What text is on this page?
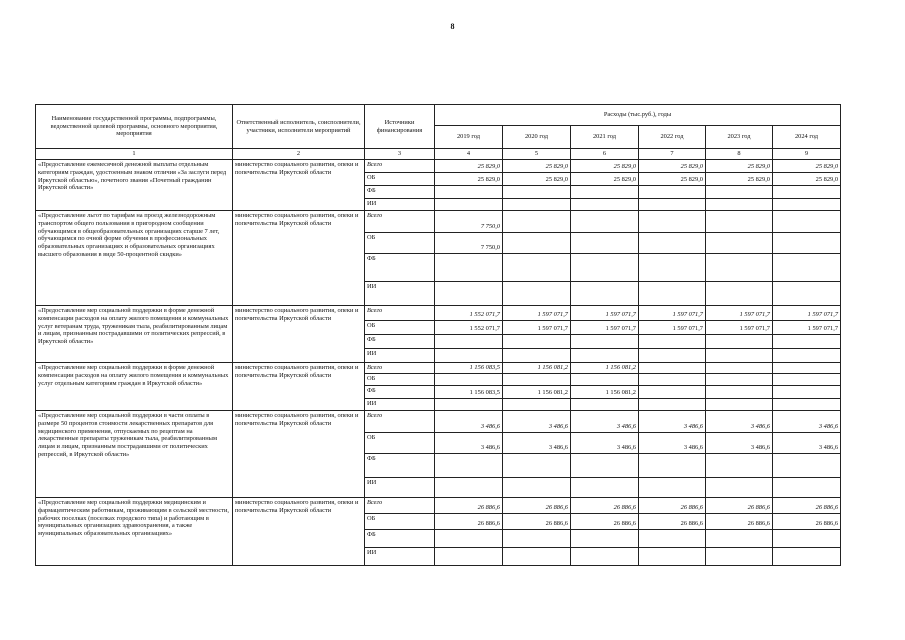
8
Наименование государственной программы, подпрограммы, ведомственной целевой программы, основного мероприятия, мероприятия	Ответственный исполнитель, соисполнители, участники, исполнители мероприятий	Источники финансирования	Расходы (тыс.руб.), годы					
			2019 год	2020 год	2021 год	2022 год	2023 год	2024 год
1	2	3	4	5	6	7	8	9
«Предоставление ежемесячной денежной выплаты отдельным категориям граждан, удостоенным знаком отличия «За заслуги перед Иркутской областью», почетного звания «Почетный гражданин Иркутской области»	министерство социального развития, опеки и попечительства Иркутской области	Всего	25 829,0	25 829,0	25 829,0	25 829,0	25 829,0	25 829,0
		ОБ	25 829,0	25 829,0	25 829,0	25 829,0	25 829,0	25 829,0
		ФБ						
		ИИ						
«Предоставление льгот по тарифам на проезд железнодорожным транспортом общего пользования в пригородном сообщении обучающимся в общеобразовательных организациях старше 7 лет, обучающимся по очной форме обучения в профессиональных образовательных организациях и образовательных организациях высшего образования в виде 50-процентной скидки»	министерство социального развития, опеки и попечительства Иркутской области	Всего	7 750,0					
		ОБ	7 750,0					
		ФБ						
		ИИ						
«Предоставление мер социальной поддержки в форме денежной компенсации расходов на оплату жилого помещения и коммунальных услуг ветеранам труда, труженикам тыла, реабилитированным лицам и лицам, признанным пострадавшими от политических репрессий, в Иркутской области»	министерство социального развития, опеки и попечительства Иркутской области	Всего	1 552 071,7	1 597 071,7	1 597 071,7	1 597 071,7	1 597 071,7	1 597 071,7
		ОБ	1 552 071,7	1 597 071,7	1 597 071,7	1 597 071,7	1 597 071,7	1 597 071,7
		ФБ						
		ИИ						
«Предоставление мер социальной поддержки в форме денежной компенсации расходов на оплату жилого помещения и коммунальных услуг отдельным категориям граждан в Иркутской области»	министерство социального развития, опеки и попечительства Иркутской области	Всего	1 156 083,5	1 156 081,2	1 156 081,2			
		ОБ						
		ФБ	1 156 083,5	1 156 081,2	1 156 081,2			
		ИИ						
«Предоставление мер социальной поддержки в части оплаты в размере 50 процентов стоимости лекарственных препаратов для медицинского применения, отпускаемых по рецептам на лекарственные препараты труженикам тыла, реабилитированным лицам и лицам, признанным пострадавшими от политических репрессий, в Иркутской области»	министерство социального развития, опеки и попечительства Иркутской области	Всего	3 486,6	3 486,6	3 486,6	3 486,6	3 486,6	3 486,6
		ОБ	3 486,6	3 486,6	3 486,6	3 486,6	3 486,6	3 486,6
		ФБ						
		ИИ						
«Предоставление мер социальной поддержки медицинским и фармацевтическим работникам, проживающим в сельской местности, рабочих поселках (поселках городского типа) и работающим в муниципальных организациях здравоохранения, а также муниципальных образовательных организациях»	министерство социального развития, опеки и попечительства Иркутской области	Всего	26 886,6	26 886,6	26 886,6	26 886,6	26 886,6	26 886,6
		ОБ	26 886,6	26 886,6	26 886,6	26 886,6	26 886,6	26 886,6
		ФБ						
		ИИ						
